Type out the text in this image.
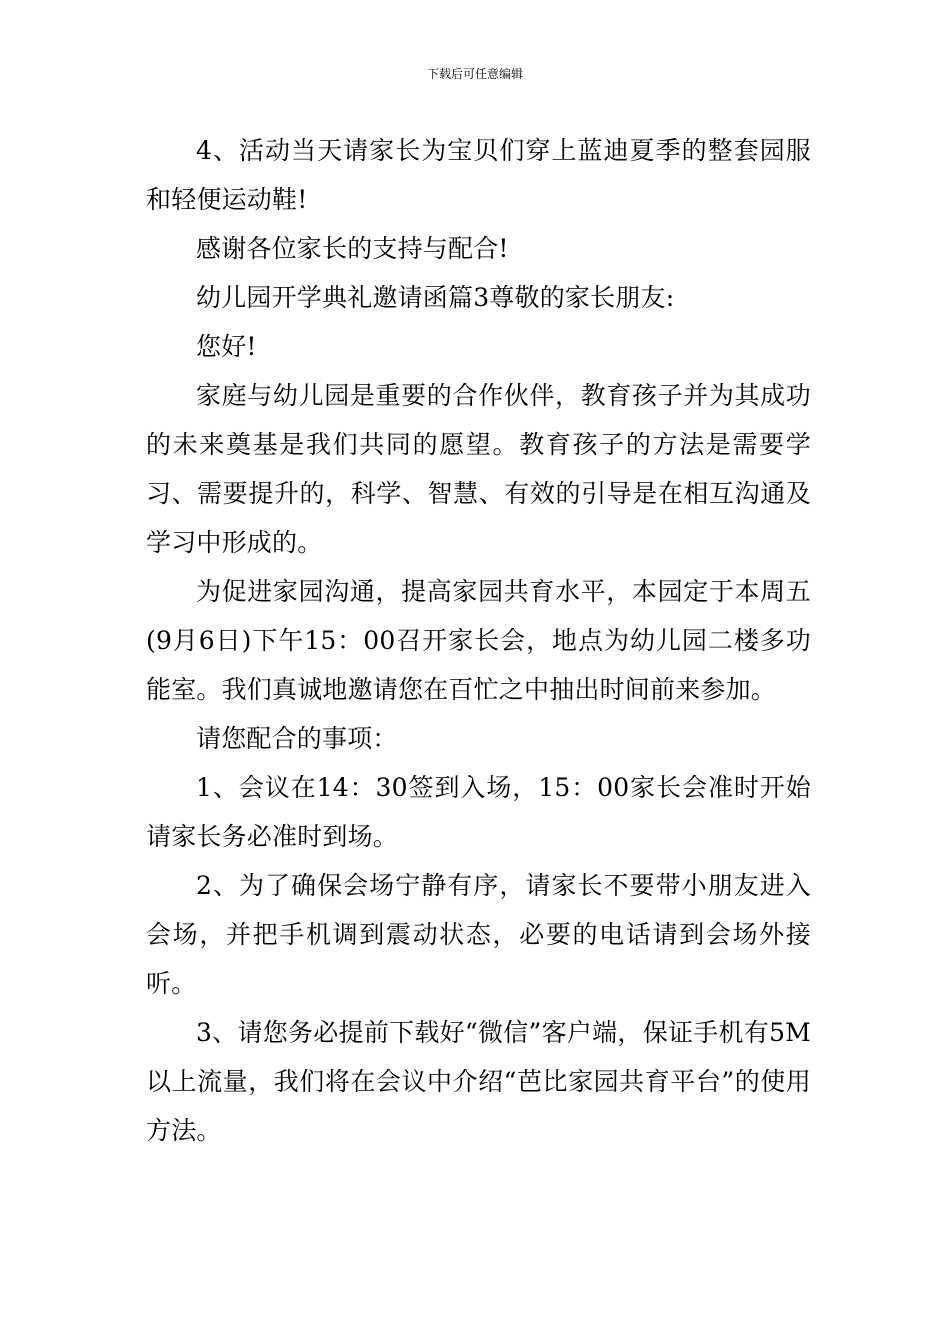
下载后可任意编辑

4、活动当天请家长为宝贝们穿上蓝迪夏季的整套园服和轻便运动鞋!

感谢各位家长的支持与配合!

幼儿园开学典礼邀请函篇3尊敬的家长朋友:

您好!

家庭与幼儿园是重要的合作伙伴，教育孩子并为其成功的未来奠基是我们共同的愿望。教育孩子的方法是需要学习、需要提升的，科学、智慧、有效的引导是在相互沟通及学习中形成的。

为促进家园沟通，提高家园共育水平，本园定于本周五(9月6日)下午15：00召开家长会，地点为幼儿园二楼多功能室。我们真诚地邀请您在百忙之中抽出时间前来参加。

请您配合的事项：

1、会议在14：30签到入场，15：00家长会准时开始请家长务必准时到场。

2、为了确保会场宁静有序，请家长不要带小朋友进入会场，并把手机调到震动状态，必要的电话请到会场外接听。

3、请您务必提前下载好“微信”客户端，保证手机有5M以上流量，我们将在会议中介绍“芭比家园共育平台”的使用方法。
